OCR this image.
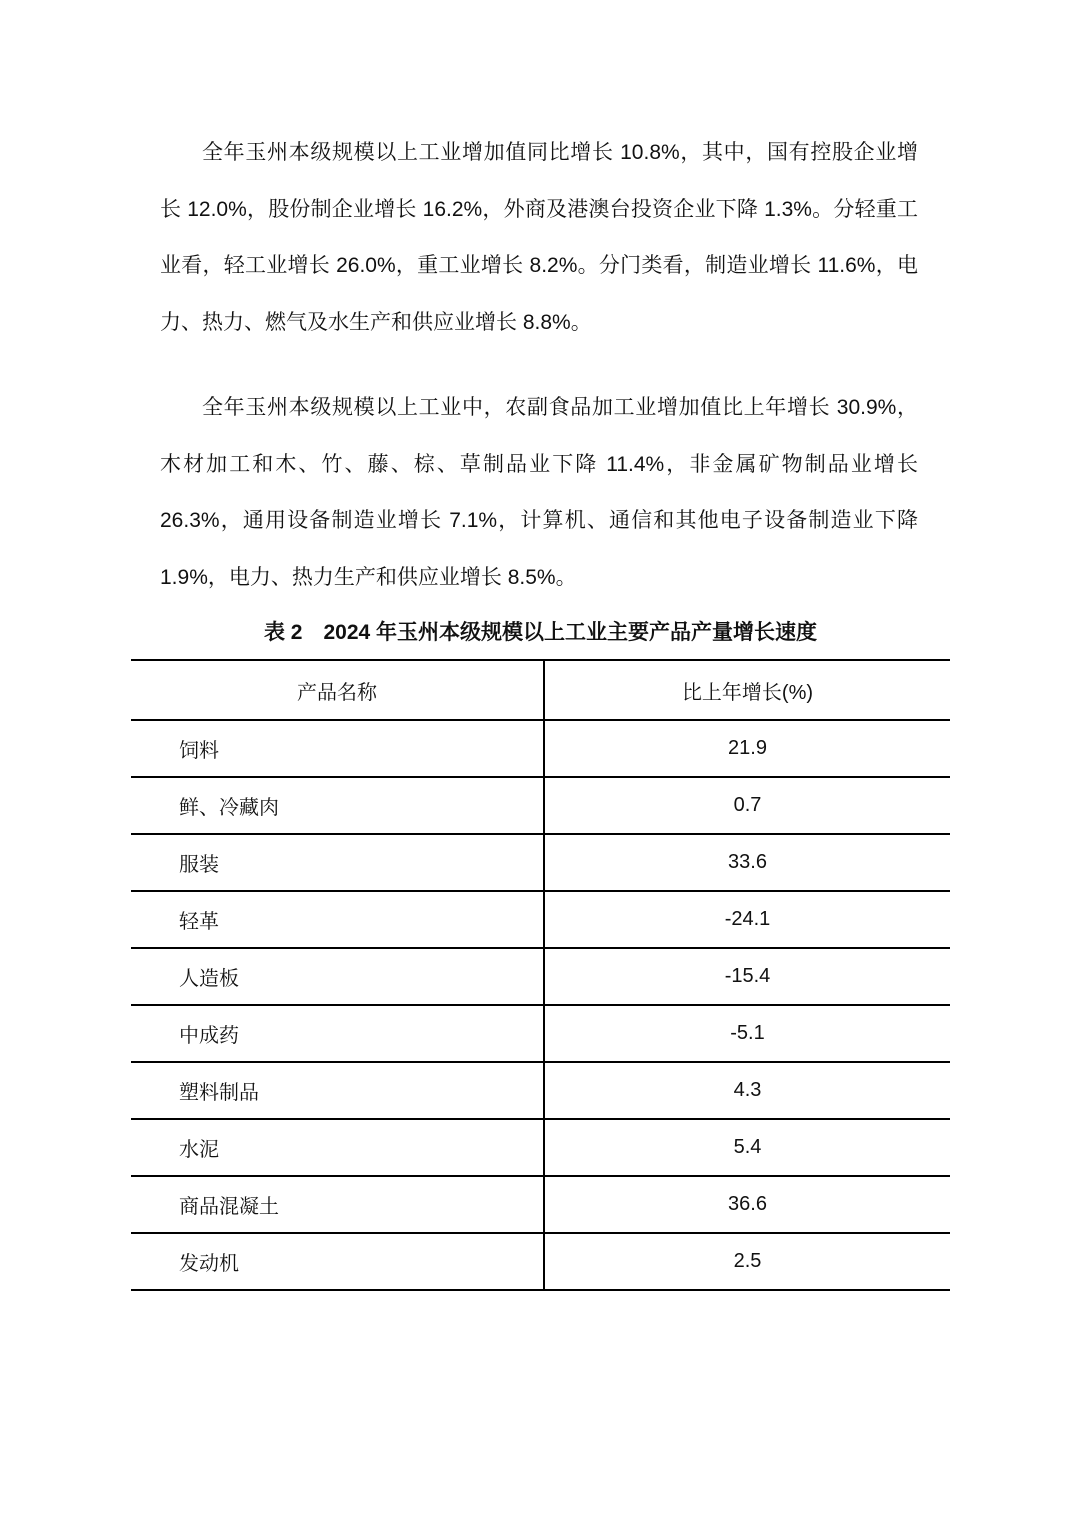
全年玉州本级规模以上工业增加值同比增长 10.8%，其中，国有控股企业增长 12.0%，股份制企业增长 16.2%，外商及港澳台投资企业下降 1.3%。分轻重工业看，轻工业增长 26.0%，重工业增长 8.2%。分门类看，制造业增长 11.6%，电力、热力、燃气及水生产和供应业增长 8.8%。

全年玉州本级规模以上工业中，农副食品加工业增加值比上年增长 30.9%，木材加工和木、竹、藤、棕、草制品业下降 11.4%，非金属矿物制品业增长 26.3%，通用设备制造业增长 7.1%，计算机、通信和其他电子设备制造业下降 1.9%，电力、热力生产和供应业增长 8.5%。

表 2　2024 年玉州本级规模以上工业主要产品产量增长速度
产品名称	比上年增长(%)
饲料	21.9
鲜、冷藏肉	0.7
服装	33.6
轻革	-24.1
人造板	-15.4
中成药	-5.1
塑料制品	4.3
水泥	5.4
商品混凝土	36.6
发动机	2.5
